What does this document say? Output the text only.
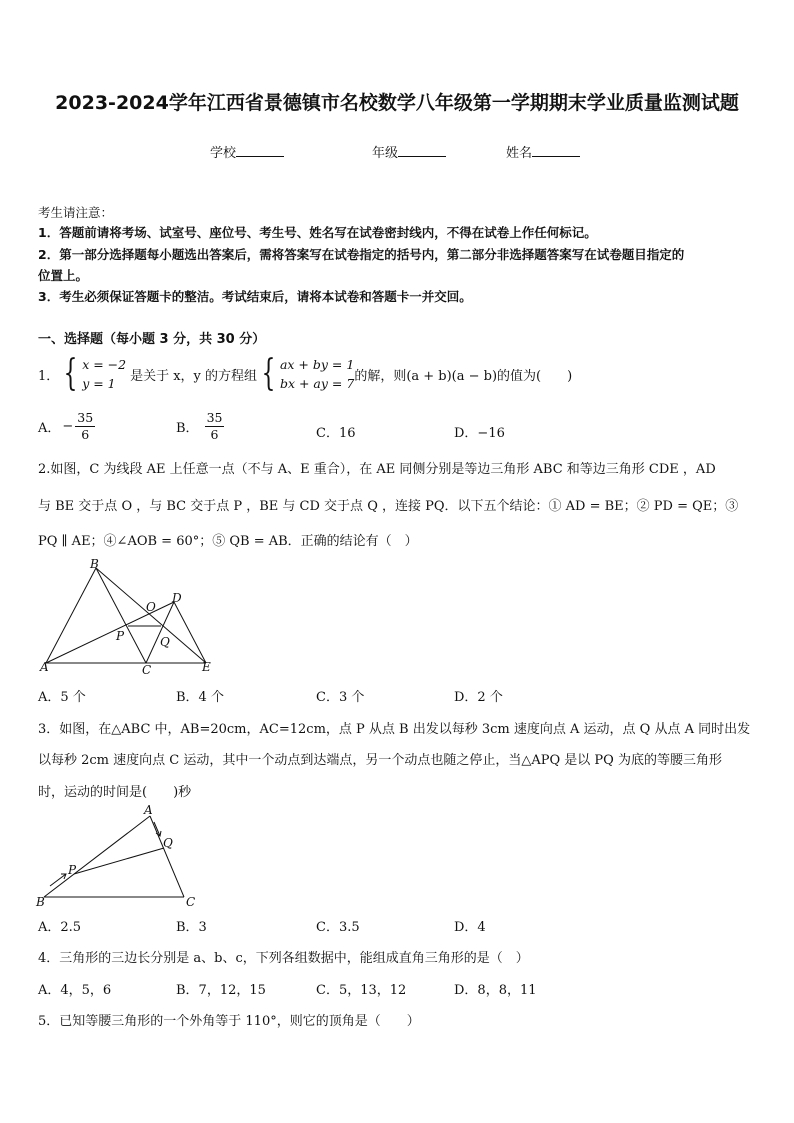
2023-2024学年江西省景德镇市名校数学八年级第一学期期末学业质量监测试题
学校	年级	姓名
考生请注意：
1．答题前请将考场、试室号、座位号、考生号、姓名写在试卷密封线内，不得在试卷上作任何标记。
2．第一部分选择题每小题选出答案后，需将答案写在试卷指定的括号内，第二部分非选择题答案写在试卷题目指定的
位置上。
3．考生必须保证答题卡的整洁。考试结束后，请将本试卷和答题卡一并交回。
一、选择题（每小题 3 分，共 30 分）
1． { x = −2
y = 1	是关于 x，y 的方程组 { ax + by = 1
bx + ay = 7 的解，则(a + b)(a − b)的值为(　　)
A． − $\frac{35}{6}$	B． $\frac{35}{6}$	C．16	D．−16
2.如图，C 为线段 AE 上任意一点（不与 A、E 重合），在 AE 同侧分别是等边三角形 ABC 和等边三角形 CDE ，AD
与 BE 交于点 O ，与 BC 交于点 P ，BE 与 CD 交于点 Q ，连接 PQ．以下五个结论：① AD = BE；② PD = QE；③
PQ ∥ AE；④∠AOB = 60°；⑤ QB = AB．正确的结论有（　）
B
D
O
P	Q
A	C	E
A．5 个	B．4 个	C．3 个	D．2 个
3．如图，在△ABC 中，AB=20cm，AC=12cm，点 P 从点 B 出发以每秒 3cm 速度向点 A 运动，点 Q 从点 A 同时出发
以每秒 2cm 速度向点 C 运动，其中一个动点到达端点，另一个动点也随之停止，当△APQ 是以 PQ 为底的等腰三角形
时，运动的时间是(　　)秒
A
Q
P
B	C
A．2.5	B．3	C．3.5	D．4
4．三角形的三边长分别是 a、b、c，下列各组数据中，能组成直角三角形的是（　）
A．4，5，6	B．7，12，15	C．5，13，12	D．8，8，11
5．已知等腰三角形的一个外角等于 110°，则它的顶角是（　　）
